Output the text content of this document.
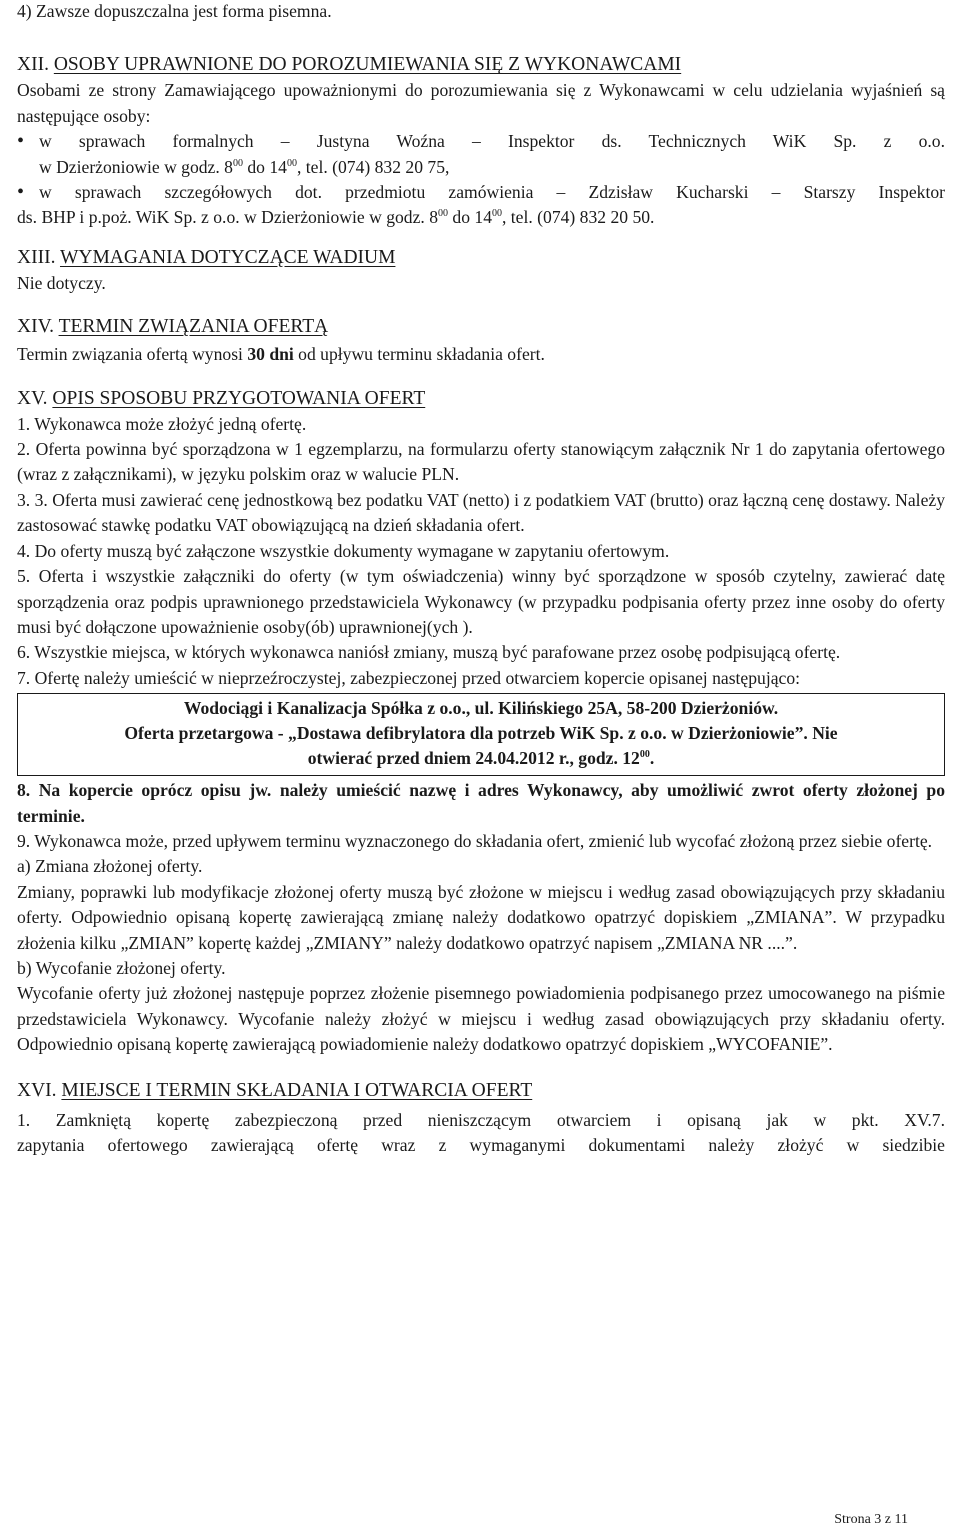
4) Zawsze dopuszczalna jest forma pisemna.

XII. OSOBY UPRAWNIONE DO POROZUMIEWANIA SIĘ Z WYKONAWCAMI

Osobami ze strony Zamawiającego upoważnionymi do porozumiewania się z Wykonawcami w celu udzielania wyjaśnień są następujące osoby:

• w sprawach formalnych – Justyna Woźna – Inspektor ds. Technicznych WiK Sp. z o.o.

w Dzierżoniowie w godz. $8^{00}$ do $14^{00}$, tel. (074) 832 20 75,

• w sprawach szczegółowych dot. przedmiotu zamówienia – Zdzisław Kucharski – Starszy Inspektor

ds. BHP i p.poż. WiK Sp. z o.o. w Dzierżoniowie w godz. $8^{00}$ do $14^{00}$, tel. (074) 832 20 50.

XIII. WYMAGANIA DOTYCZĄCE WADIUM

Nie dotyczy.

XIV. TERMIN ZWIĄZANIA OFERTĄ

Termin związania ofertą wynosi 30 dni od upływu terminu składania ofert.

XV. OPIS SPOSOBU PRZYGOTOWANIA OFERT

1. Wykonawca może złożyć jedną ofertę.

2. Oferta powinna być sporządzona w 1 egzemplarzu, na formularzu oferty stanowiącym załącznik Nr 1 do zapytania ofertowego (wraz z załącznikami), w języku polskim oraz w walucie PLN.

3. 3. Oferta musi zawierać cenę jednostkową bez podatku VAT (netto) i z podatkiem VAT (brutto) oraz łączną cenę dostawy. Należy zastosować stawkę podatku VAT obowiązującą na dzień składania ofert.

4. Do oferty muszą być załączone wszystkie dokumenty wymagane w zapytaniu ofertowym.

5. Oferta i wszystkie załączniki do oferty (w tym oświadczenia) winny być sporządzone w sposób czytelny, zawierać datę sporządzenia oraz podpis uprawnionego przedstawiciela Wykonawcy (w przypadku podpisania oferty przez inne osoby do oferty musi być dołączone upoważnienie osoby(ób) uprawnionej(ych ).

6. Wszystkie miejsca, w których wykonawca naniósł zmiany, muszą być parafowane przez osobę podpisującą ofertę.

7. Ofertę należy umieścić w nieprzeźroczystej, zabezpieczonej przed otwarciem kopercie opisanej następująco:

Wodociągi i Kanalizacja Spółka z o.o., ul. Kilińskiego 25A, 58-200 Dzierżoniów.

Oferta przetargowa - „Dostawa defibrylatora dla potrzeb WiK Sp. z o.o. w Dzierżoniowie”. Nie

otwierać przed dniem 24.04.2012 r., godz. $12^{00}$.

8. Na kopercie oprócz opisu jw. należy umieścić nazwę i adres Wykonawcy, aby umożliwić zwrot oferty złożonej po terminie.

9. Wykonawca może, przed upływem terminu wyznaczonego do składania ofert, zmienić lub wycofać złożoną przez siebie ofertę.

a) Zmiana złożonej oferty.

Zmiany, poprawki lub modyfikacje złożonej oferty muszą być złożone w miejscu i według zasad obowiązujących przy składaniu oferty. Odpowiednio opisaną kopertę zawierającą zmianę należy dodatkowo opatrzyć dopiskiem „ZMIANA”. W przypadku złożenia kilku „ZMIAN” kopertę każdej „ZMIANY” należy dodatkowo opatrzyć napisem „ZMIANA NR ....”.

b) Wycofanie złożonej oferty.

Wycofanie oferty już złożonej następuje poprzez złożenie pisemnego powiadomienia podpisanego przez umocowanego na piśmie przedstawiciela Wykonawcy. Wycofanie należy złożyć w miejscu i według zasad obowiązujących przy składaniu oferty. Odpowiednio opisaną kopertę zawierającą powiadomienie należy dodatkowo opatrzyć dopiskiem „WYCOFANIE”.

XVI. MIEJSCE I TERMIN SKŁADANIA I OTWARCIA OFERT

1. Zamkniętą kopertę zabezpieczoną przed nieniszczącym otwarciem i opisaną jak w pkt. XV.7.

zapytania ofertowego zawierającą ofertę wraz z wymaganymi dokumentami należy złożyć w siedzibie

Strona 3 z 11
